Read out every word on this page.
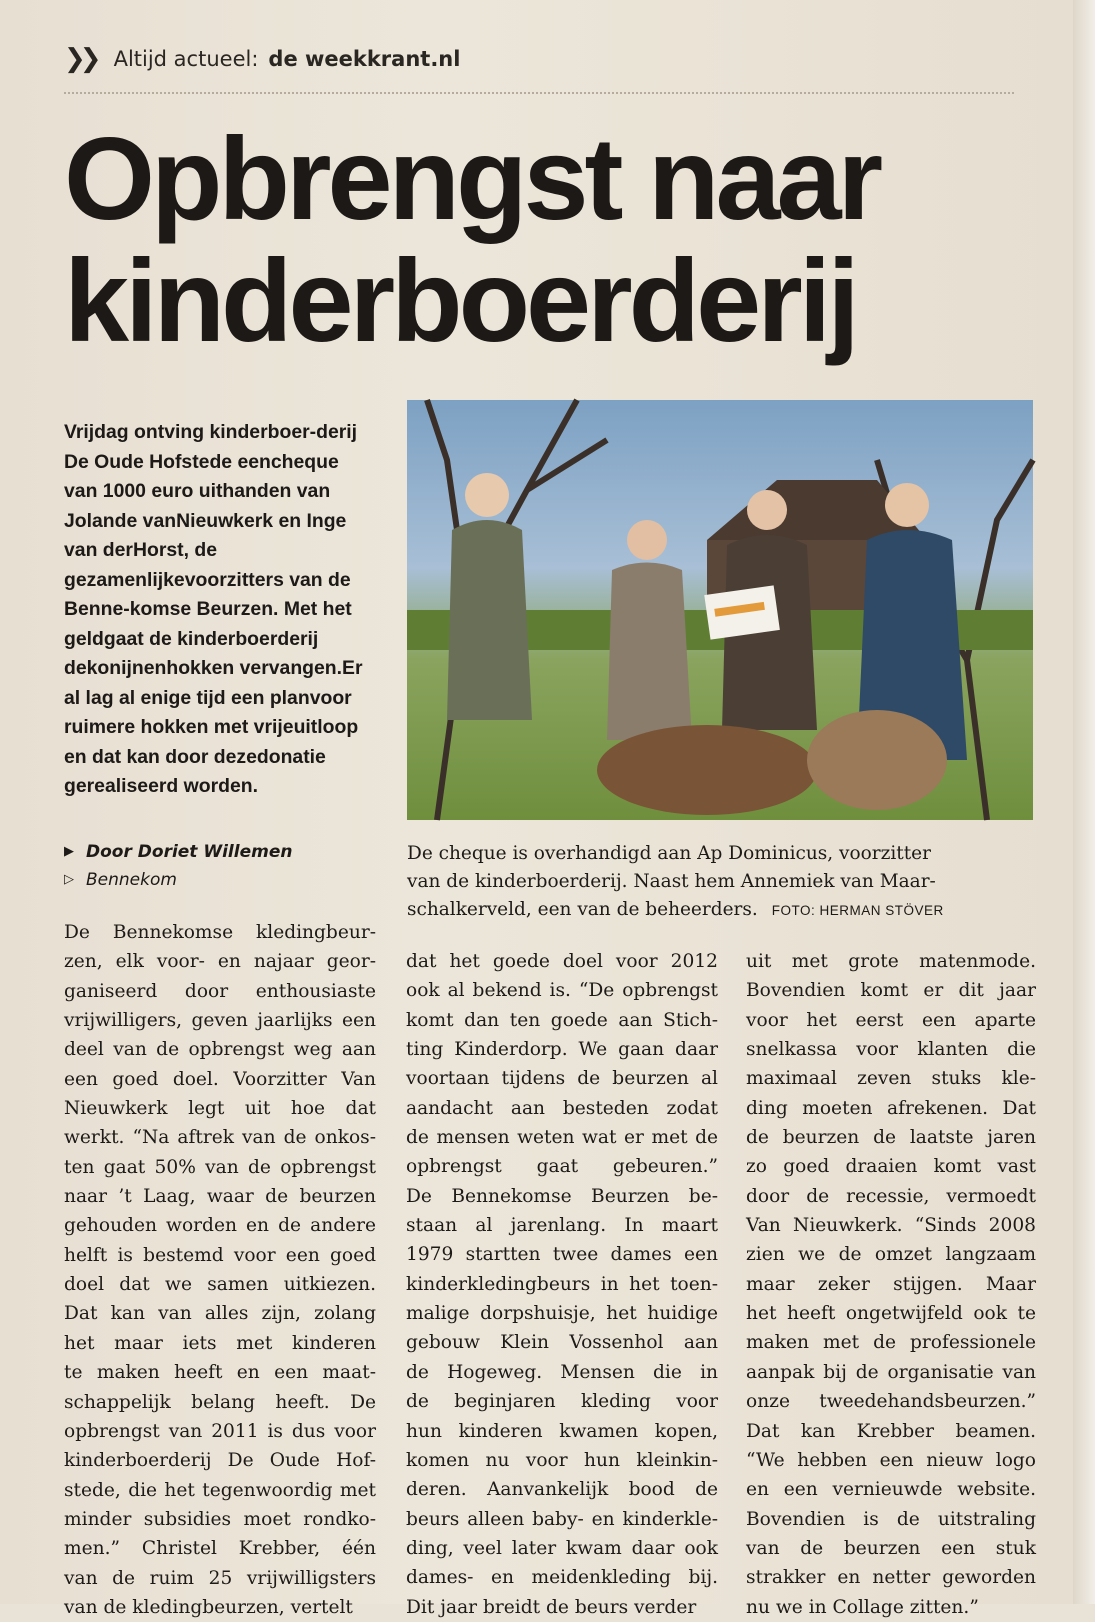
❯❯ Altijd actueel: de weekkrant.nl
Opbrengst naar
kinderboerderij
Vrijdag ontving kinderboer-derij De Oude Hofstede eencheque van 1000 euro uithanden van Jolande vanNieuwkerk en Inge van derHorst, de gezamenlijkevoorzitters van de Benne-komse Beurzen. Met het geldgaat de kinderboerderij dekonijnenhokken vervangen.Er al lag al enige tijd een planvoor ruimere hokken met vrijeuitloop en dat kan door dezedonatie gerealiseerd worden.
▶ Door Doriet Willemen
▷ Bennekom
De cheque is overhandigd aan Ap Dominicus, voorzitter
van de kinderboerderij. Naast hem Annemiek van Maar-
schalkerveld, een van de beheerders. FOTO: HERMAN STÖVER
De Bennekomse kledingbeur-
zen, elk voor- en najaar geor-
ganiseerd door enthousiaste
vrijwilligers, geven jaarlijks een
deel van de opbrengst weg aan
een goed doel. Voorzitter Van
Nieuwkerk legt uit hoe dat
werkt. “Na aftrek van de onkos-
ten gaat 50% van de opbrengst
naar ’t Laag, waar de beurzen
gehouden worden en de andere
helft is bestemd voor een goed
doel dat we samen uitkiezen.
Dat kan van alles zijn, zolang
het maar iets met kinderen
te maken heeft en een maat-
schappelijk belang heeft. De
opbrengst van 2011 is dus voor
kinderboerderij De Oude Hof-
stede, die het tegenwoordig met
minder subsidies moet rondko-
men.” Christel Krebber, één
van de ruim 25 vrijwilligsters
van de kledingbeurzen, vertelt
dat het goede doel voor 2012
ook al bekend is. “De opbrengst
komt dan ten goede aan Stich-
ting Kinderdorp. We gaan daar
voortaan tijdens de beurzen al
aandacht aan besteden zodat
de mensen weten wat er met de
opbrengst gaat gebeuren.”
De Bennekomse Beurzen be-
staan al jarenlang. In maart
1979 startten twee dames een
kinderkledingbeurs in het toen-
malige dorpshuisje, het huidige
gebouw Klein Vossenhol aan
de Hogeweg. Mensen die in
de beginjaren kleding voor
hun kinderen kwamen kopen,
komen nu voor hun kleinkin-
deren. Aanvankelijk bood de
beurs alleen baby- en kinderkle-
ding, veel later kwam daar ook
dames- en meidenkleding bij.
Dit jaar breidt de beurs verder
uit met grote matenmode.
Bovendien komt er dit jaar
voor het eerst een aparte
snelkassa voor klanten die
maximaal zeven stuks kle-
ding moeten afrekenen. Dat
de beurzen de laatste jaren
zo goed draaien komt vast
door de recessie, vermoedt
Van Nieuwkerk. “Sinds 2008
zien we de omzet langzaam
maar zeker stijgen. Maar
het heeft ongetwijfeld ook te
maken met de professionele
aanpak bij de organisatie van
onze tweedehandsbeurzen.”
Dat kan Krebber beamen.
“We hebben een nieuw logo
en een vernieuwde website.
Bovendien is de uitstraling
van de beurzen een stuk
strakker en netter geworden
nu we in Collage zitten.”
